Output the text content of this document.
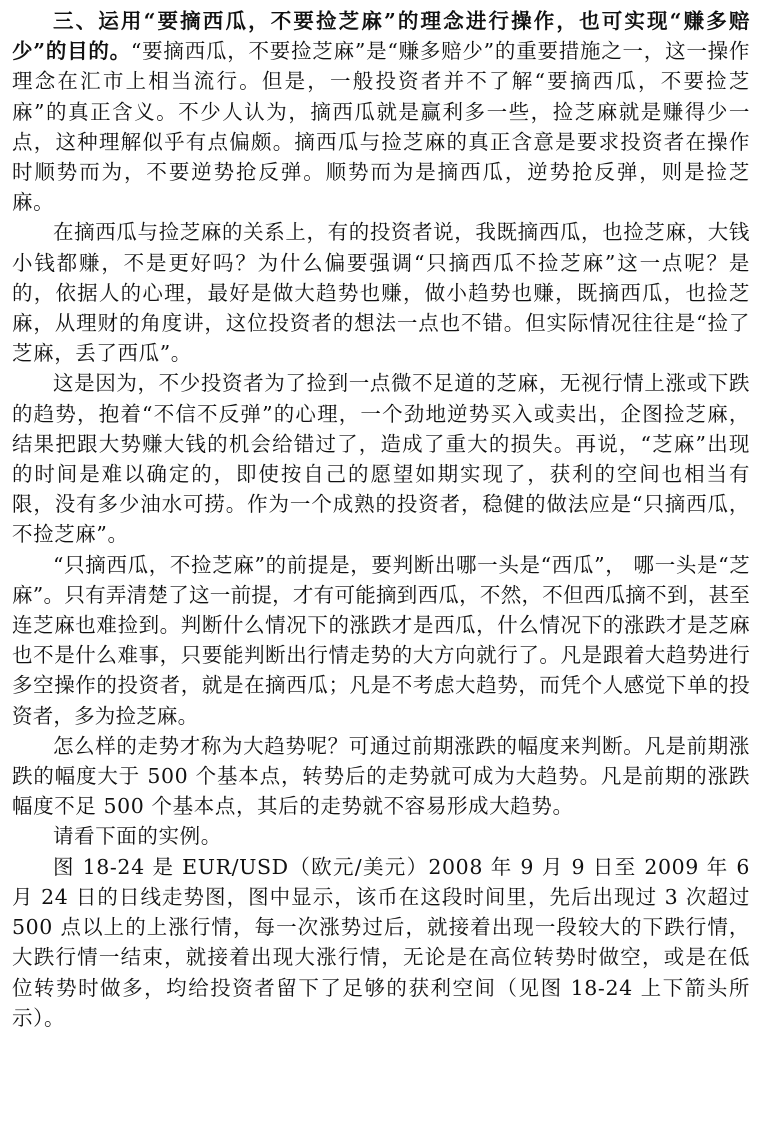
三、运用“要摘西瓜，不要捡芝麻”的理念进行操作，也可实现“赚多赔少”的目的。“要摘西瓜，不要捡芝麻”是“赚多赔少”的重要措施之一，这一操作理念在汇市上相当流行。但是，一般投资者并不了解“要摘西瓜，不要捡芝麻”的真正含义。不少人认为，摘西瓜就是赢利多一些，捡芝麻就是赚得少一点，这种理解似乎有点偏颇。摘西瓜与捡芝麻的真正含意是要求投资者在操作时顺势而为，不要逆势抢反弹。顺势而为是摘西瓜，逆势抢反弹，则是捡芝麻。

在摘西瓜与捡芝麻的关系上，有的投资者说，我既摘西瓜，也捡芝麻，大钱小钱都赚，不是更好吗？为什么偏要强调“只摘西瓜不捡芝麻”这一点呢？是的，依据人的心理，最好是做大趋势也赚，做小趋势也赚，既摘西瓜，也捡芝麻，从理财的角度讲，这位投资者的想法一点也不错。但实际情况往往是“捡了芝麻，丢了西瓜”。

这是因为，不少投资者为了捡到一点微不足道的芝麻，无视行情上涨或下跌的趋势，抱着“不信不反弹”的心理，一个劲地逆势买入或卖出，企图捡芝麻，结果把跟大势赚大钱的机会给错过了，造成了重大的损失。再说，“芝麻”出现的时间是难以确定的，即使按自己的愿望如期实现了，获利的空间也相当有限，没有多少油水可捞。作为一个成熟的投资者，稳健的做法应是“只摘西瓜，不捡芝麻”。

“只摘西瓜，不捡芝麻”的前提是，要判断出哪一头是“西瓜”， 哪一头是“芝麻”。只有弄清楚了这一前提，才有可能摘到西瓜，不然，不但西瓜摘不到，甚至连芝麻也难捡到。判断什么情况下的涨跌才是西瓜，什么情况下的涨跌才是芝麻也不是什么难事，只要能判断出行情走势的大方向就行了。凡是跟着大趋势进行多空操作的投资者，就是在摘西瓜；凡是不考虑大趋势，而凭个人感觉下单的投资者，多为捡芝麻。

怎么样的走势才称为大趋势呢？可通过前期涨跌的幅度来判断。凡是前期涨跌的幅度大于 500 个基本点，转势后的走势就可成为大趋势。凡是前期的涨跌幅度不足 500 个基本点，其后的走势就不容易形成大趋势。

请看下面的实例。

图 18-24 是 EUR/USD（欧元/美元）2008 年 9 月 9 日至 2009 年 6 月 24 日的日线走势图，图中显示，该币在这段时间里，先后出现过 3 次超过 500 点以上的上涨行情，每一次涨势过后，就接着出现一段较大的下跌行情，大跌行情一结束，就接着出现大涨行情，无论是在高位转势时做空，或是在低位转势时做多，均给投资者留下了足够的获利空间（见图 18-24 上下箭头所示）。
